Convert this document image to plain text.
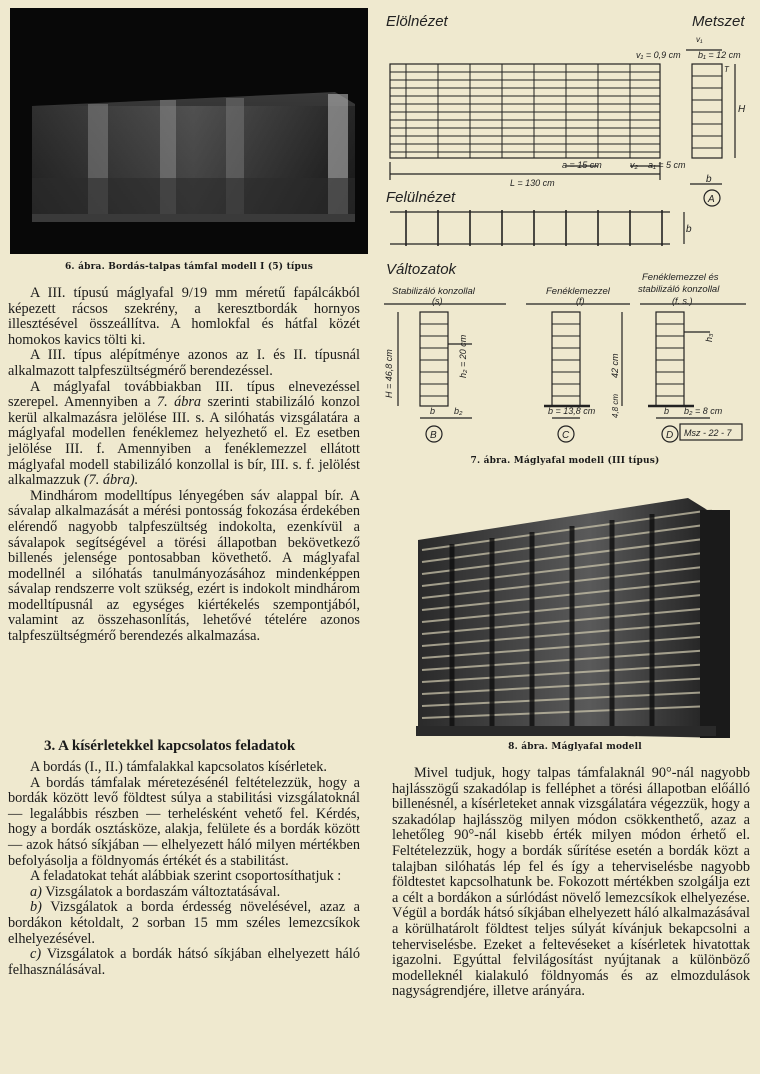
6. ábra. Bordás-talpas támfal modell I (5) típus
Elölnézet	Metszet
v₁ = 0,9 cm b₁ = 12 cm
v₁
T
H
a = 15 cm	v₂ – a₁ = 5 cm
L = 130 cm	b
A
Felülnézet
b
Változatok
Stabilizáló konzollal
(s)
Fenéklemezzel
(f)
Fenéklemezzel és
stabilizáló konzollal
(f. s.)
H = 46,8 cm	h₂ = 20 cm	42 cm
4,8 cm
h₃
b b₂	b = 13,8 cm	b b₂ = 8 cm
B	C	D Msz - 22 - 7
7. ábra. Máglyafal modell (III típus)
8. ábra. Máglyafal modell

A III. típusú máglyafal 9/19 mm méretű fapálcákból képezett rácsos szekrény, a keresztbordák hornyos illesztésével összeállítva. A homlokfal és hátfal közét homokos kavics tölti ki.

A III. típus alépítménye azonos az I. és II. típusnál alkalmazott talpfeszültségmérő berendezéssel.

A máglyafal továbbiakban III. típus elnevezéssel szerepel. Amennyiben a 7. ábra szerinti stabilizáló konzol kerül alkalmazásra jelölése III. s. A silóhatás vizsgálatára a máglyafal modellen fenéklemez helyezhető el. Ez esetben jelölése III. f. Amennyiben a fenéklemezzel ellátott máglyafal modell stabilizáló konzollal is bír, III. s. f. jelölést alkalmazzuk (7. ábra).

Mindhárom modelltípus lényegében sáv alappal bír. A sávalap alkalmazását a mérési pontosság fokozása érdekében elérendő nagyobb talpfeszültség indokolta, ezenkívül a sávalapok segítségével a törési állapotban bekövetkező billenés jelensége pontosabban követhető. A máglyafal modellnél a silóhatás tanulmányozásához mindenképpen sávalap rendszerre volt szükség, ezért is indokolt mindhárom modelltípusnál az egységes kiértékelés szempontjából, valamint az összehasonlítás, lehetővé tételére azonos talpfeszültségmérő berendezés alkalmazása.

3. A kísérletekkel kapcsolatos feladatok

A bordás (I., II.) támfalakkal kapcsolatos kísérletek.

A bordás támfalak méretezésénél feltételezzük, hogy a bordák között levő földtest súlya a stabilitási vizsgálatoknál — legalábbis részben — terhelésként vehető fel. Kérdés, hogy a bordák osztásköze, alakja, felülete és a bordák között — azok hátsó síkjában — elhelyezett háló milyen mértékben befolyásolja a földnyomás értékét és a stabilitást.

A feladatokat tehát alábbiak szerint csoportosíthatjuk :

a) Vizsgálatok a bordaszám változtatásával.

b) Vizsgálatok a borda érdesség növelésével, azaz a bordákon kétoldalt, 2 sorban 15 mm széles lemezcsíkok elhelyezésével.

c) Vizsgálatok a bordák hátsó síkjában elhelyezett háló felhasználásával.

Mivel tudjuk, hogy talpas támfalaknál 90°-nál nagyobb hajlásszögű szakadólap is felléphet a törési állapotban előálló billenésnél, a kísérleteket annak vizsgálatára végezzük, hogy a szakadólap hajlásszög milyen módon csökkenthető, azaz a lehetőleg 90°-nál kisebb érték milyen módon érhető el. Feltételezzük, hogy a bordák sűrítése esetén a bordák közt a talajban silóhatás lép fel és így a teherviselésbe nagyobb földtestet kapcsolhatunk be. Fokozott mértékben szolgálja ezt a célt a bordákon a súrlódást növelő lemezcsíkok elhelyezése. Végül a bordák hátsó síkjában elhelyezett háló alkalmazásával a körülhatárolt földtest teljes súlyát kívánjuk bekapcsolni a teherviselésbe. Ezeket a feltevéseket a kísérletek hivatottak igazolni. Egyúttal felvilágosítást nyújtanak a különböző modelleknél kialakuló földnyomás és az elmozdulások nagyságrendjére, illetve arányára.
